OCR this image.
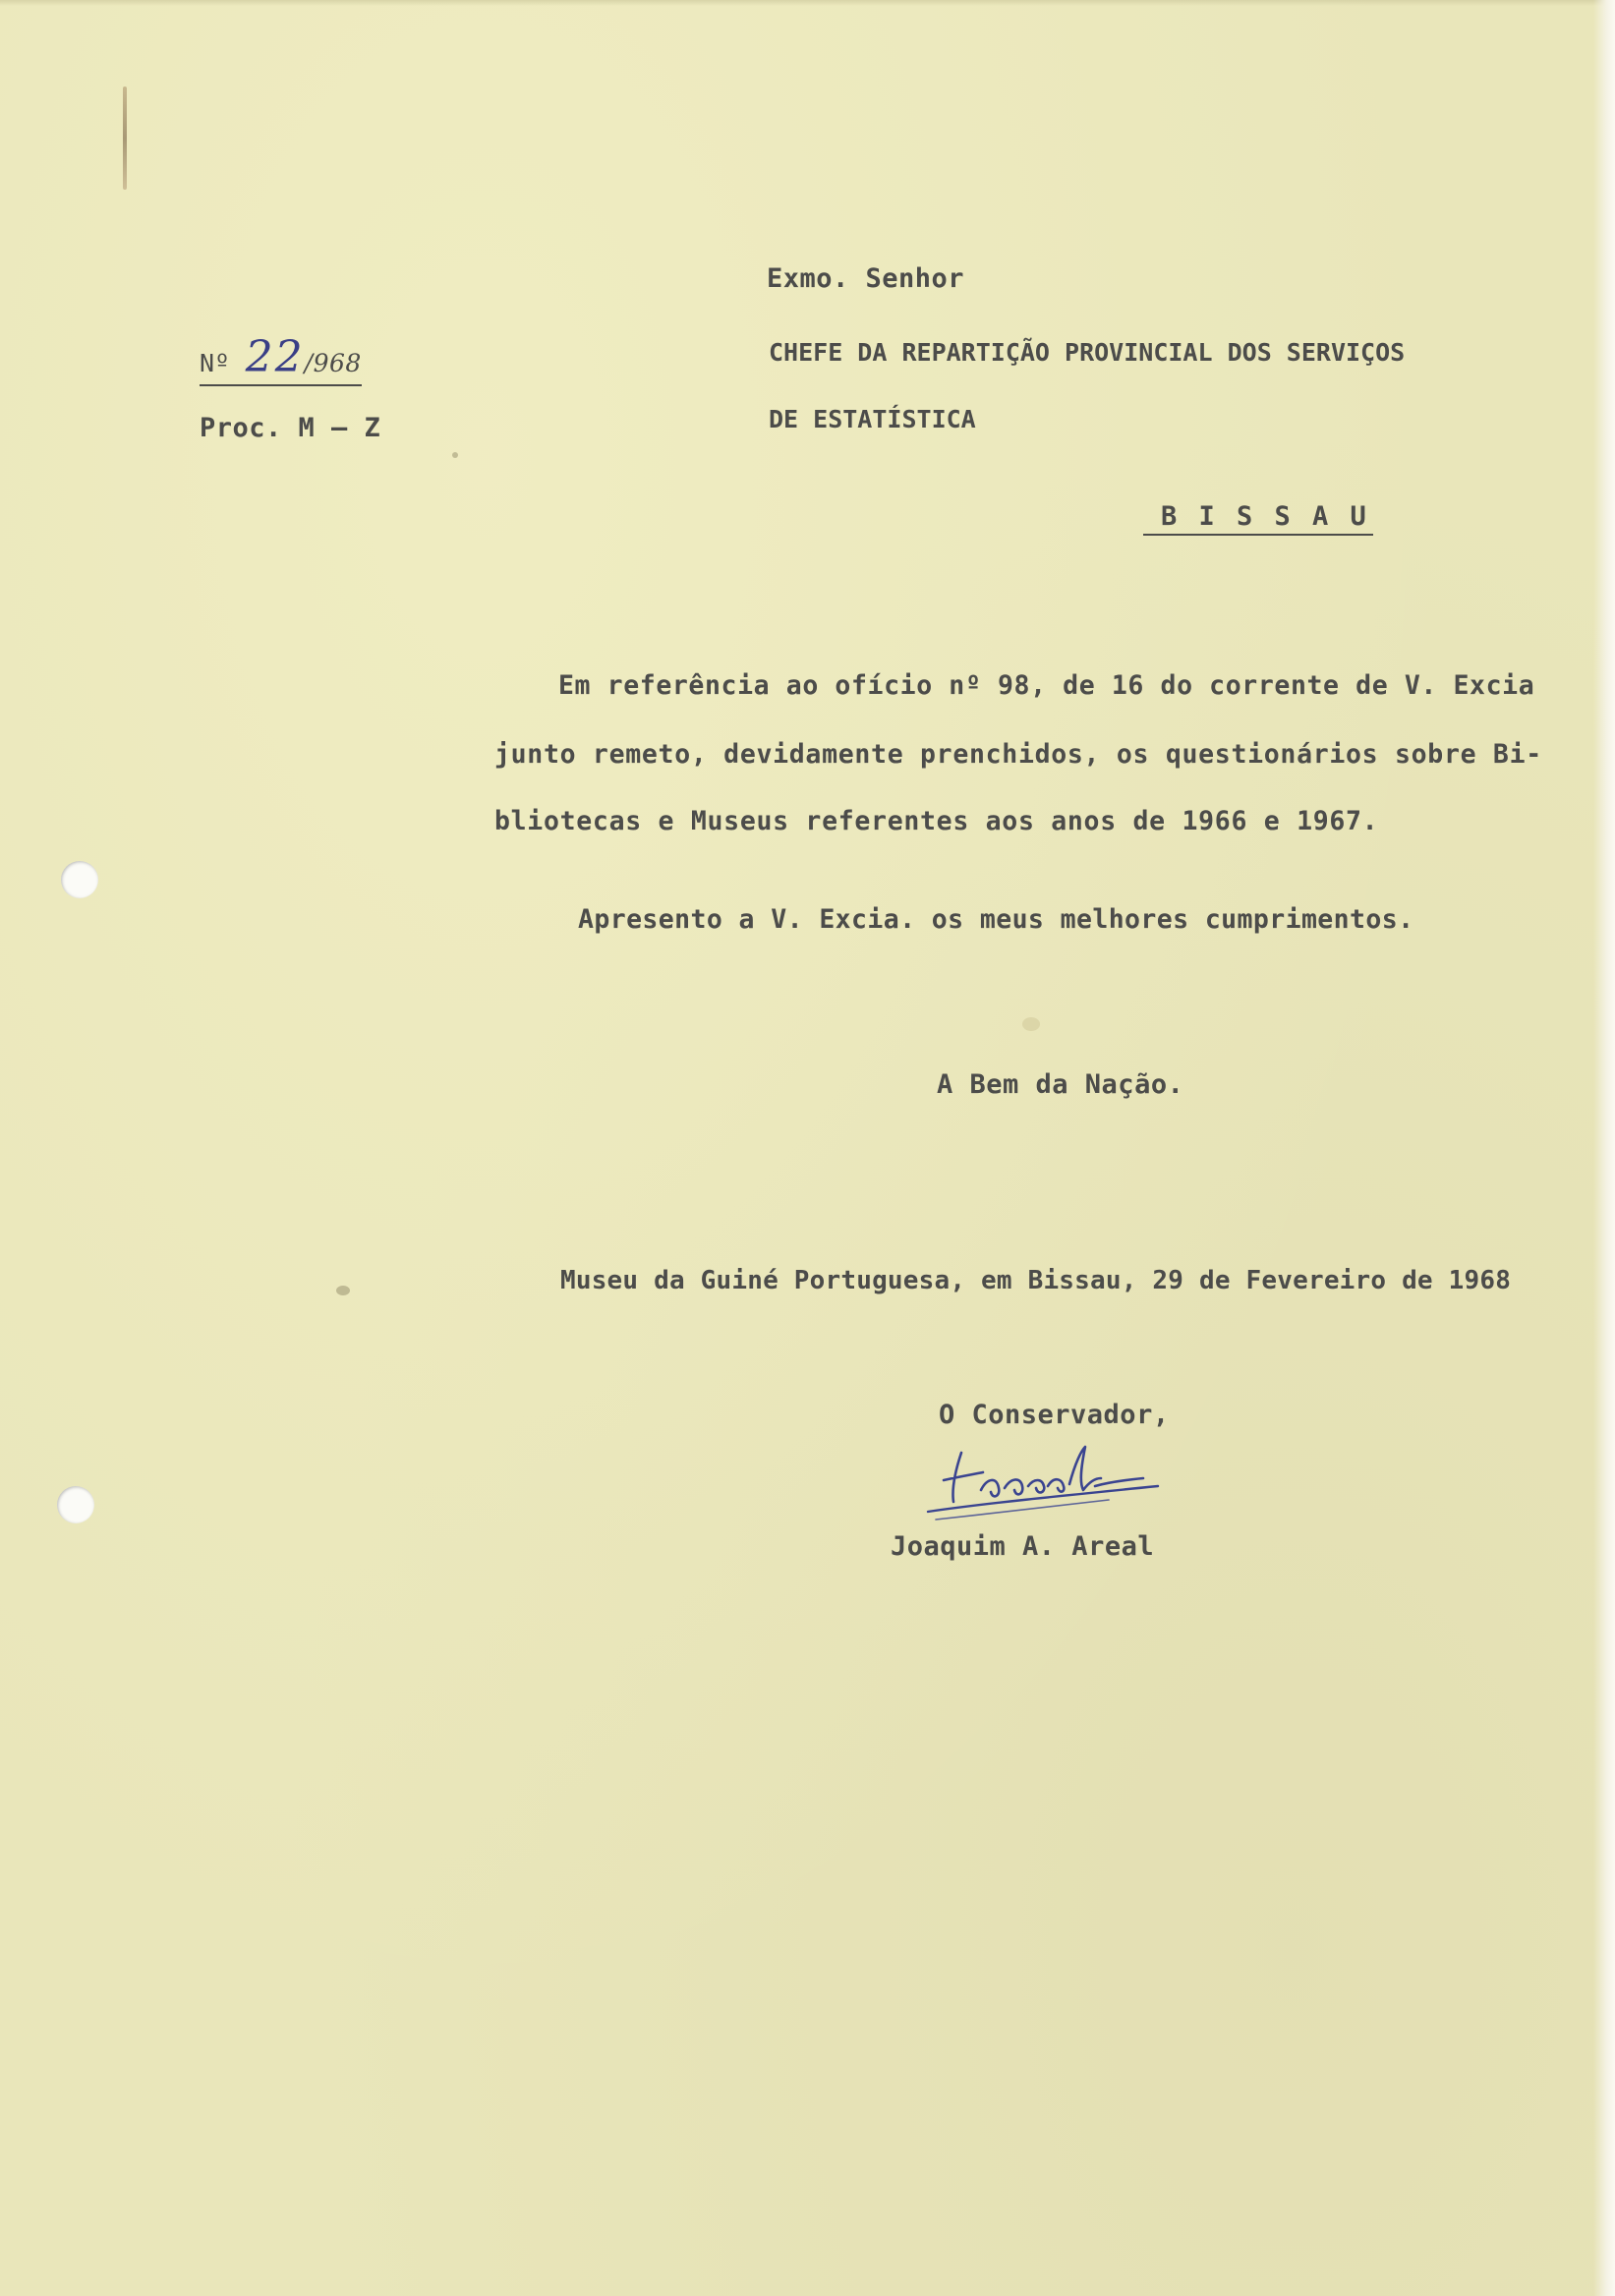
Nº 22/968
Proc. M – Z
Exmo. Senhor
CHEFE DA REPARTIÇÃO PROVINCIAL DOS SERVIÇOS
DE ESTATÍSTICA
B I S S A U
Em referência ao ofício nº 98, de 16 do corrente de V. Excia
junto remeto, devidamente prenchidos, os questionários sobre Bi-
bliotecas e Museus referentes aos anos de 1966 e 1967.
Apresento a V. Excia. os meus melhores cumprimentos.
A Bem da Nação.
Museu da Guiné Portuguesa, em Bissau, 29 de Fevereiro de 1968
O Conservador,
Joaquim A. Areal
